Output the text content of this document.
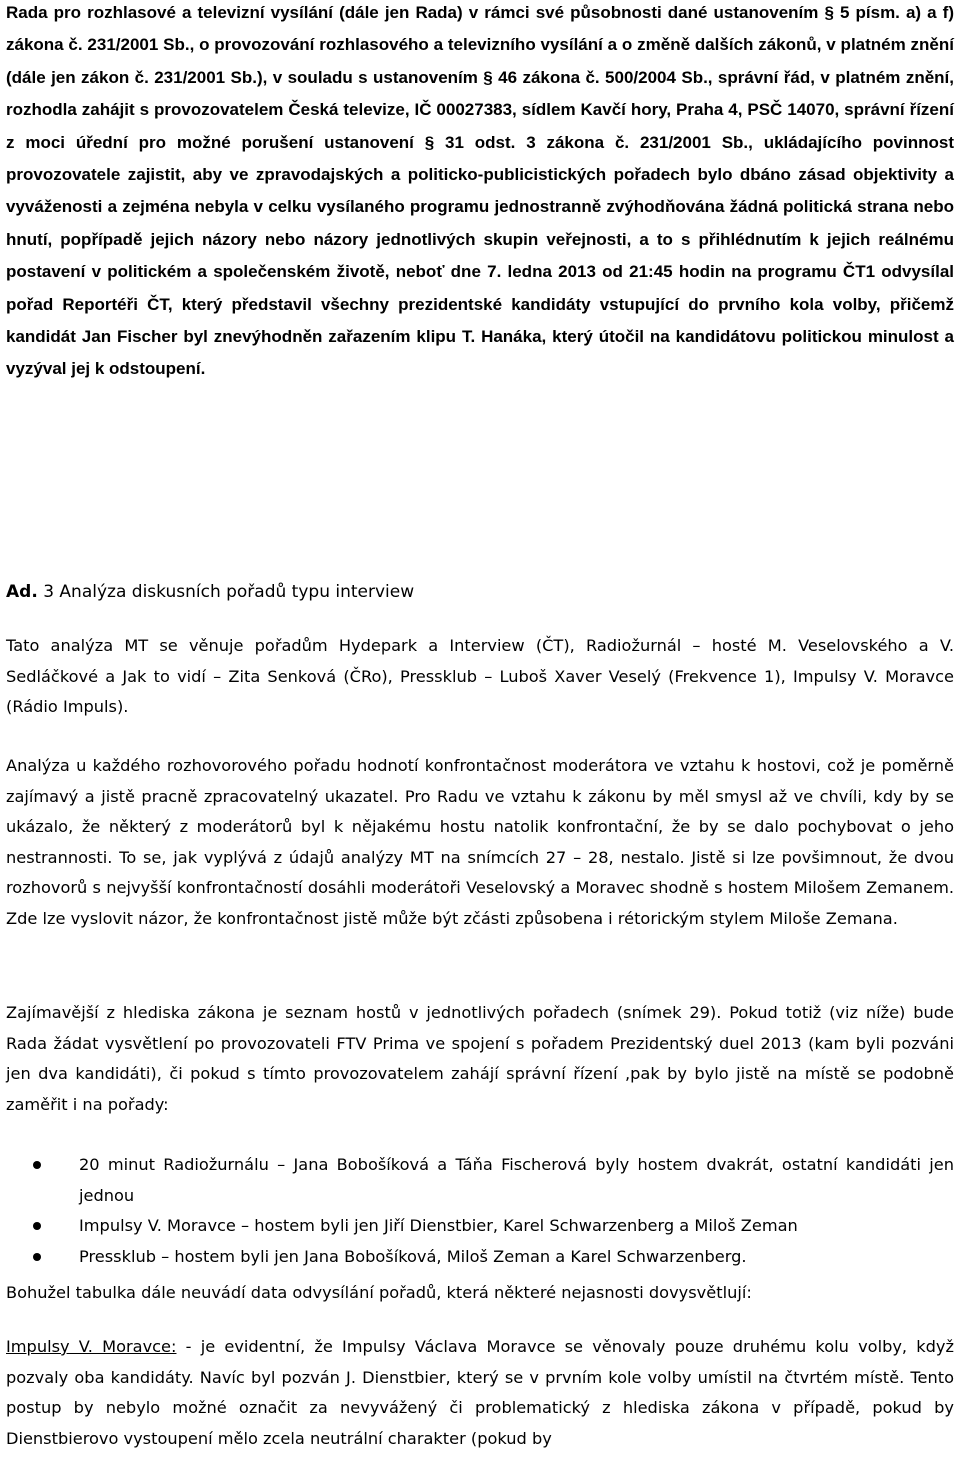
Rada pro rozhlasové a televizní vysílání (dále jen Rada) v rámci své působnosti dané ustanovením § 5 písm. a) a f) zákona č. 231/2001 Sb., o provozování rozhlasového a televizního vysílání a o změně dalších zákonů, v platném znění (dále jen zákon č. 231/2001 Sb.), v souladu s ustanovením § 46 zákona č. 500/2004 Sb., správní řád, v platném znění, rozhodla zahájit s provozovatelem Česká televize, IČ 00027383, sídlem Kavčí hory, Praha 4, PSČ 14070, správní řízení z moci úřední pro možné porušení ustanovení § 31 odst. 3 zákona č. 231/2001 Sb., ukládajícího povinnost provozovatele zajistit, aby ve zpravodajských a politicko-publicistických pořadech bylo dbáno zásad objektivity a vyváženosti a zejména nebyla v celku vysílaného programu jednostranně zvýhodňována žádná politická strana nebo hnutí, popřípadě jejich názory nebo názory jednotlivých skupin veřejnosti, a to s přihlédnutím k jejich reálnému postavení v politickém a společenském životě, neboť dne 7. ledna 2013 od 21:45 hodin na programu ČT1 odvysílal pořad Reportéři ČT, který představil všechny prezidentské kandidáty vstupující do prvního kola volby, přičemž kandidát Jan Fischer byl znevýhodněn zařazením klipu T. Hanáka, který útočil na kandidátovu politickou minulost a vyzýval jej k odstoupení.

Ad. 3 Analýza diskusních pořadů typu interview

Tato analýza MT se věnuje pořadům Hydepark a Interview (ČT), Radiožurnál – hosté M. Veselovského a V. Sedláčkové a Jak to vidí – Zita Senková (ČRo), Pressklub – Luboš Xaver Veselý (Frekvence 1), Impulsy V. Moravce (Rádio Impuls).

Analýza u každého rozhovorového pořadu hodnotí konfrontačnost moderátora ve vztahu k hostovi, což je poměrně zajímavý a jistě pracně zpracovatelný ukazatel. Pro Radu ve vztahu k zákonu by měl smysl až ve chvíli, kdy by se ukázalo, že některý z moderátorů byl k nějakému hostu natolik konfrontační, že by se dalo pochybovat o jeho nestrannosti. To se, jak vyplývá z údajů analýzy MT na snímcích 27 – 28, nestalo. Jistě si lze povšimnout, že dvou rozhovorů s nejvyšší konfrontačností dosáhli moderátoři Veselovský a Moravec shodně s hostem Milošem Zemanem. Zde lze vyslovit názor, že konfrontačnost jistě může být zčásti způsobena i rétorickým stylem Miloše Zemana.

Zajímavější z hlediska zákona je seznam hostů v jednotlivých pořadech (snímek 29). Pokud totiž (viz níže) bude Rada žádat vysvětlení po provozovateli FTV Prima ve spojení s pořadem Prezidentský duel 2013 (kam byli pozváni jen dva kandidáti), či pokud s tímto provozovatelem zahájí správní řízení ,pak by bylo jistě na místě se podobně zaměřit i na pořady:

20 minut Radiožurnálu – Jana Bobošíková a Táňa Fischerová byly hostem dvakrát, ostatní kandidáti jen jednou
Impulsy V. Moravce – hostem byli jen Jiří Dienstbier, Karel Schwarzenberg a Miloš Zeman
Pressklub – hostem byli jen Jana Bobošíková, Miloš Zeman a Karel Schwarzenberg.

Bohužel tabulka dále neuvádí data odvysílání pořadů, která některé nejasnosti dovysvětlují:

Impulsy V. Moravce: - je evidentní, že Impulsy Václava Moravce se věnovaly pouze druhému kolu volby, když pozvaly oba kandidáty. Navíc byl pozván J. Dienstbier, který se v prvním kole volby umístil na čtvrtém místě. Tento postup by nebylo možné označit za nevyvážený či problematický z hlediska zákona v případě, pokud by Dienstbierovo vystoupení mělo zcela neutrální charakter (pokud by
